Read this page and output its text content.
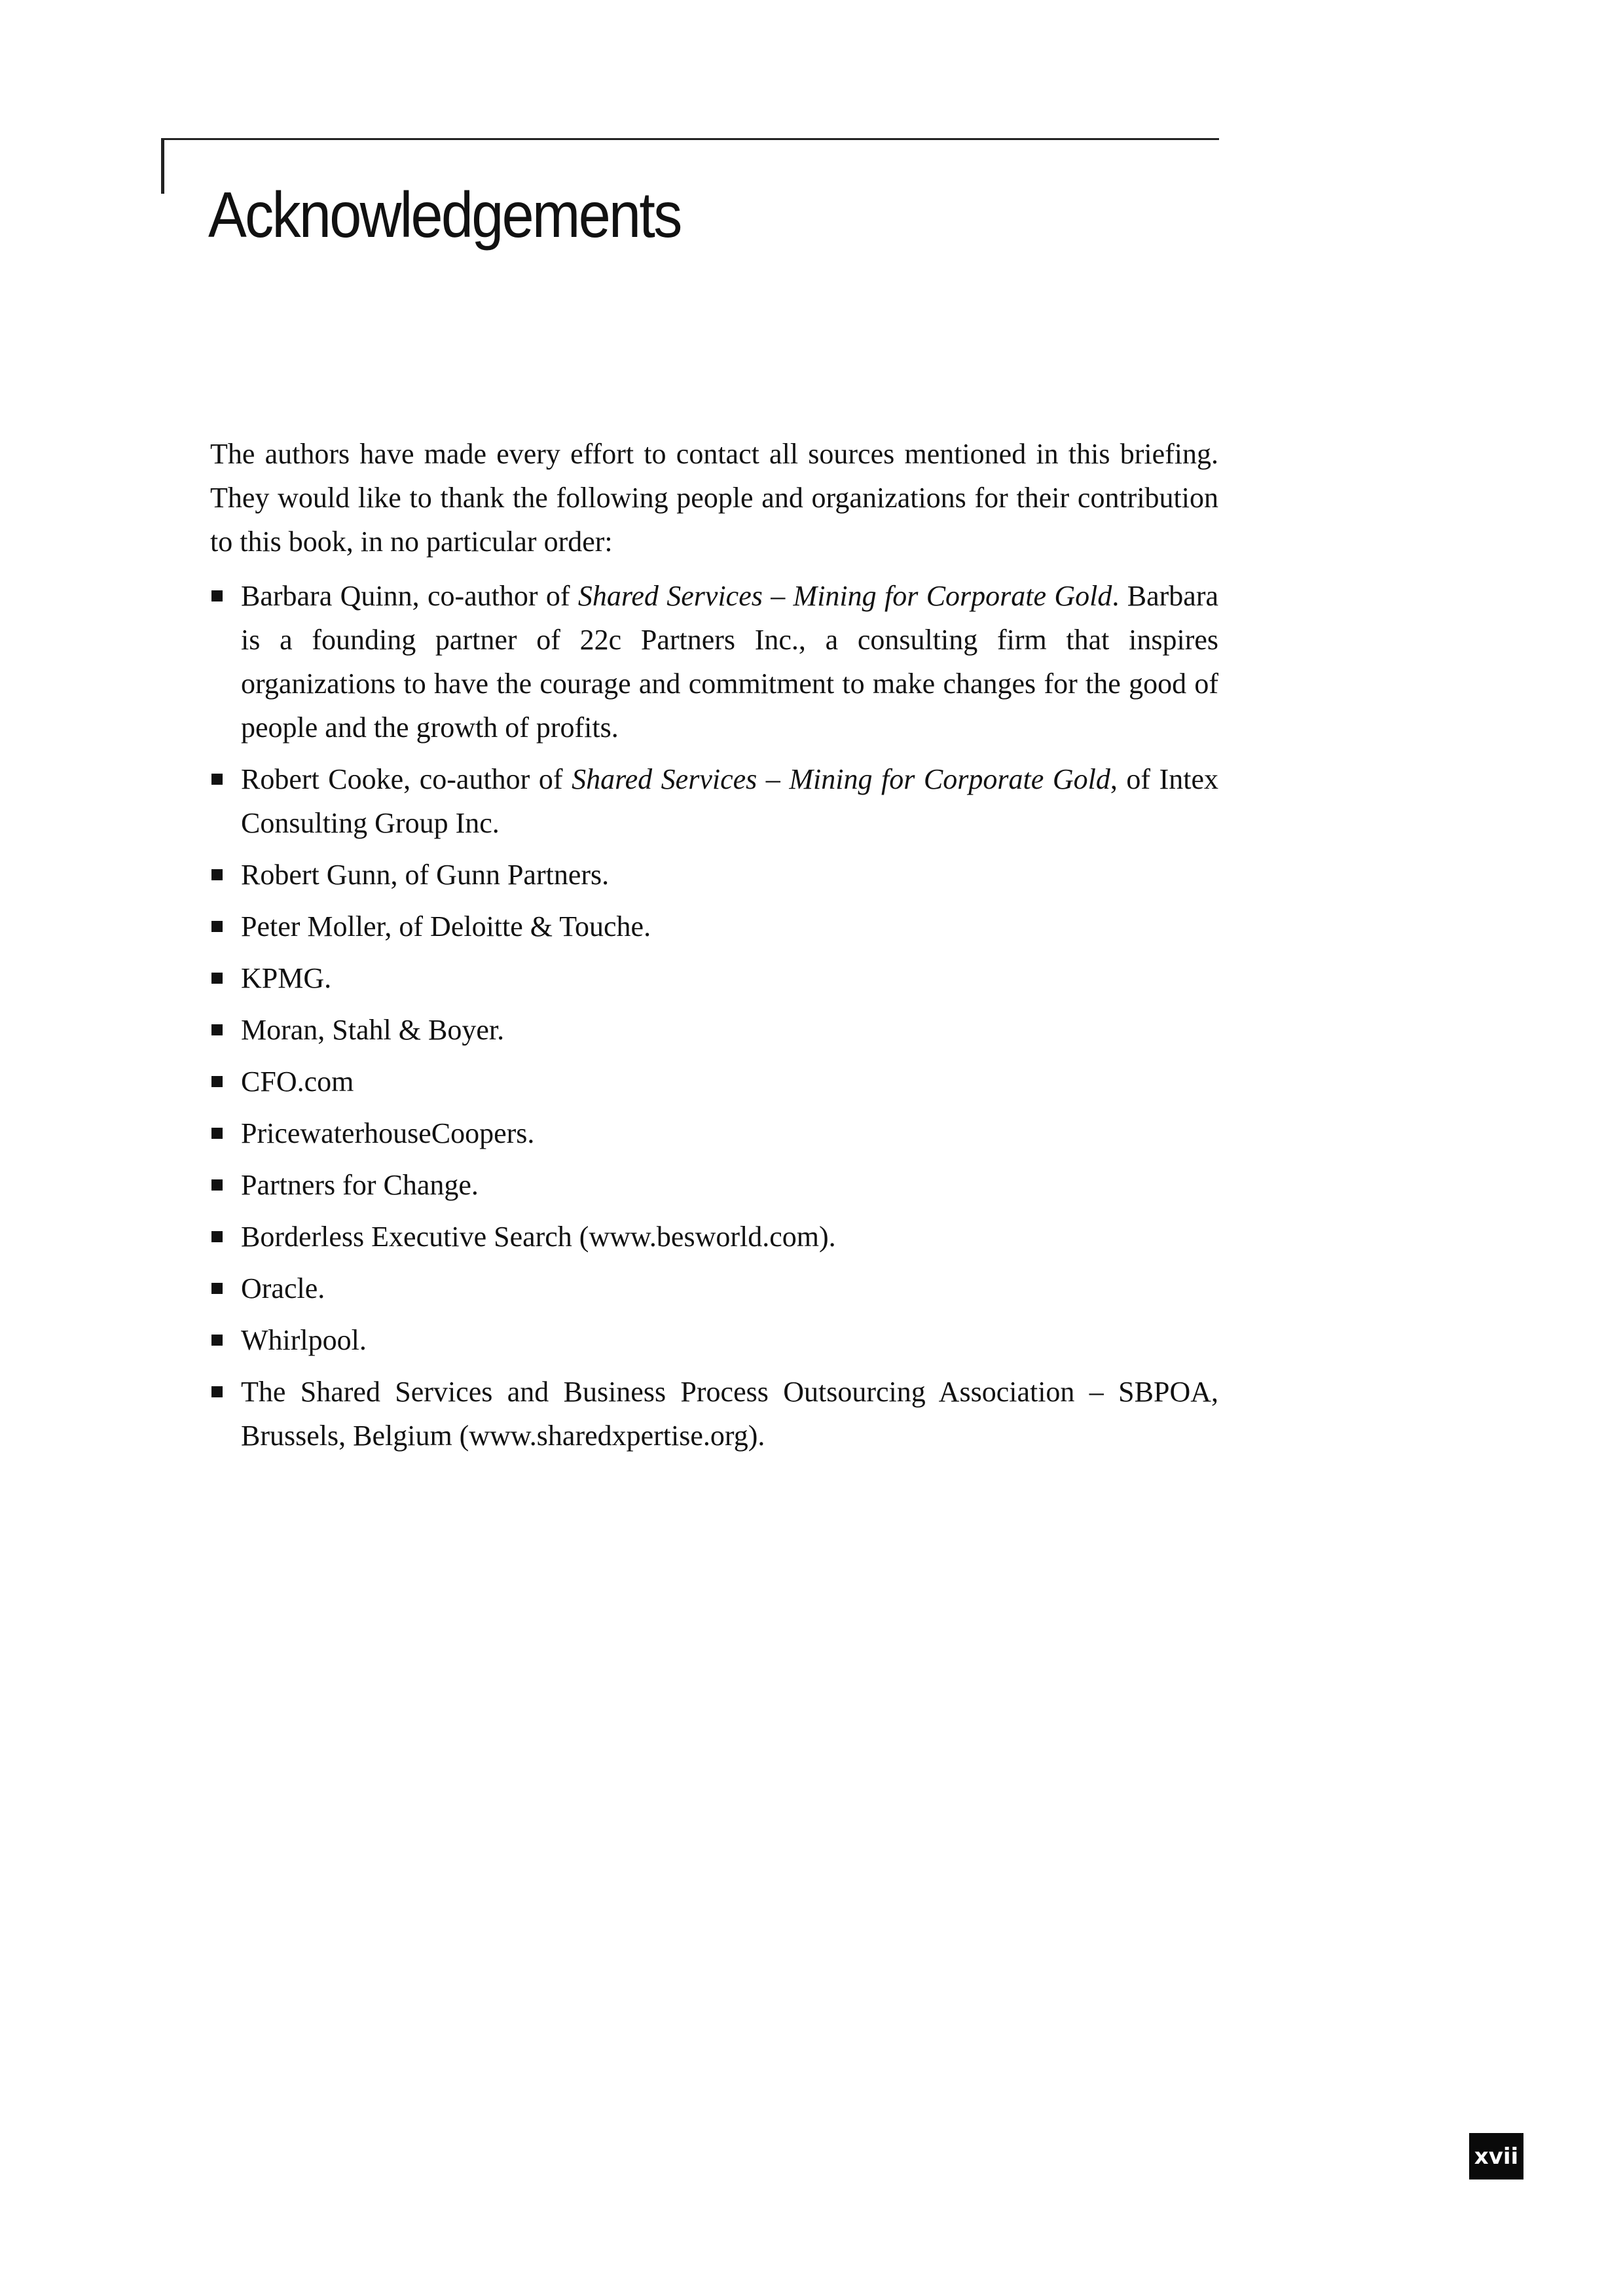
Acknowledgements

The authors have made every effort to contact all sources mentioned in this briefing. They would like to thank the following people and organizations for their contribution to this book, in no particular order:

Barbara Quinn, co-author of Shared Services – Mining for Corporate Gold. Barbara is a founding partner of 22c Partners Inc., a consulting firm that inspires organizations to have the courage and commitment to make changes for the good of people and the growth of profits.
Robert Cooke, co-author of Shared Services – Mining for Corporate Gold, of Intex Consulting Group Inc.
Robert Gunn, of Gunn Partners.
Peter Moller, of Deloitte & Touche.
KPMG.
Moran, Stahl & Boyer.
CFO.com
PricewaterhouseCoopers.
Partners for Change.
Borderless Executive Search (www.besworld.com).
Oracle.
Whirlpool.
The Shared Services and Business Process Outsourcing Association – SBPOA, Brussels, Belgium (www.sharedxpertise.org).
xvii
